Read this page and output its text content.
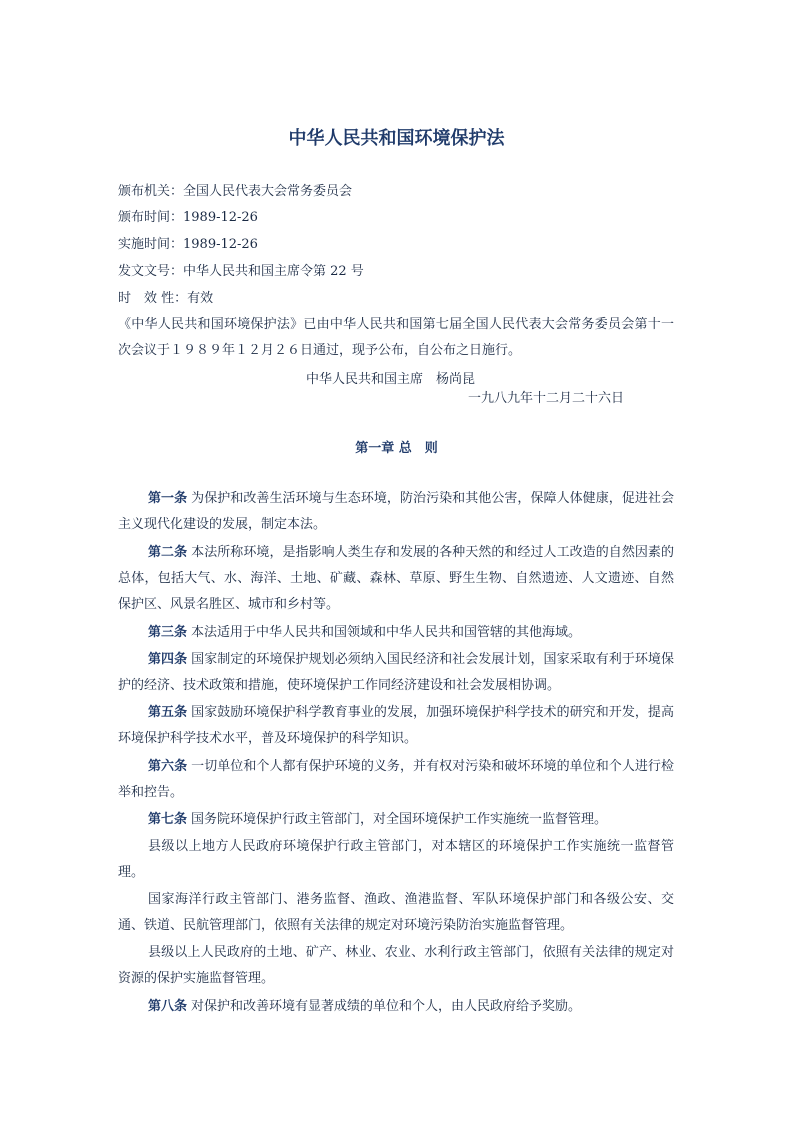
中华人民共和国环境保护法
颁布机关：全国人民代表大会常务委员会
颁布时间：1989-12-26
实施时间：1989-12-26
发文文号：中华人民共和国主席令第 22 号
时　效 性：有效
《中华人民共和国环境保护法》已由中华人民共和国第七届全国人民代表大会常务委员会第十一次会议于１９８９年１２月２６日通过，现予公布，自公布之日施行。
中华人民共和国主席　杨尚昆
一九八九年十二月二十六日
第一章 总　则
第一条 为保护和改善生活环境与生态环境，防治污染和其他公害，保障人体健康，促进社会主义现代化建设的发展，制定本法。
第二条 本法所称环境，是指影响人类生存和发展的各种天然的和经过人工改造的自然因素的总体，包括大气、水、海洋、土地、矿藏、森林、草原、野生生物、自然遗迹、人文遗迹、自然保护区、风景名胜区、城市和乡村等。
第三条 本法适用于中华人民共和国领域和中华人民共和国管辖的其他海域。
第四条 国家制定的环境保护规划必须纳入国民经济和社会发展计划，国家采取有利于环境保护的经济、技术政策和措施，使环境保护工作同经济建设和社会发展相协调。
第五条 国家鼓励环境保护科学教育事业的发展，加强环境保护科学技术的研究和开发，提高环境保护科学技术水平，普及环境保护的科学知识。
第六条 一切单位和个人都有保护环境的义务，并有权对污染和破坏环境的单位和个人进行检举和控告。
第七条 国务院环境保护行政主管部门，对全国环境保护工作实施统一监督管理。
县级以上地方人民政府环境保护行政主管部门，对本辖区的环境保护工作实施统一监督管理。
国家海洋行政主管部门、港务监督、渔政、渔港监督、军队环境保护部门和各级公安、交通、铁道、民航管理部门，依照有关法律的规定对环境污染防治实施监督管理。
县级以上人民政府的土地、矿产、林业、农业、水利行政主管部门，依照有关法律的规定对资源的保护实施监督管理。
第八条 对保护和改善环境有显著成绩的单位和个人，由人民政府给予奖励。
